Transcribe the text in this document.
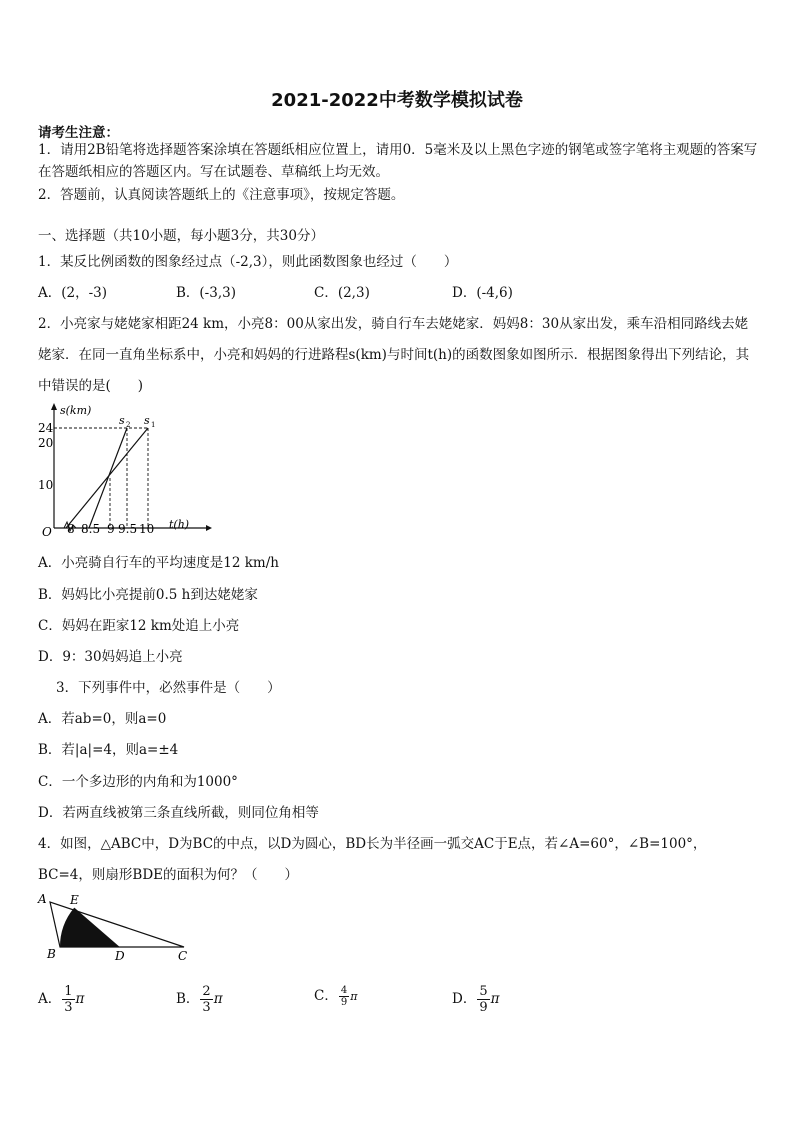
2021-2022中考数学模拟试卷
请考生注意：
1．请用2B铅笔将选择题答案涂填在答题纸相应位置上，请用0．5毫米及以上黑色字迹的钢笔或签字笔将主观题的答案写在答题纸相应的答题区内。写在试题卷、草稿纸上均无效。
2．答题前，认真阅读答题纸上的《注意事项》，按规定答题。
一、选择题（共10小题，每小题3分，共30分）
1．某反比例函数的图象经过点（-2,3），则此函数图象也经过（　　）
A．(2，-3)	B．(-3,3)	C．(2,3)	D．(-4,6)
2．小亮家与姥姥家相距24 km，小亮8：00从家出发，骑自行车去姥姥家．妈妈8：30从家出发，乘车沿相同路线去姥姥家．在同一直角坐标系中，小亮和妈妈的行进路程s(km)与时间t(h)的函数图象如图所示．根据图象得出下列结论，其中错误的是(　　)
s(km)
t(h)
O
24
20
10
8 8.5 9 9.5 10
s 2 s 1
A．小亮骑自行车的平均速度是12 km/h
B．妈妈比小亮提前0.5 h到达姥姥家
C．妈妈在距家12 km处追上小亮
D．9：30妈妈追上小亮
3．下列事件中，必然事件是（　　）
A．若ab=0，则a=0
B．若|a|=4，则a=±4
C．一个多边形的内角和为1000°
D．若两直线被第三条直线所截，则同位角相等
4．如图，△ABC中，D为BC的中点，以D为圆心，BD长为半径画一弧交AC于E点，若∠A=60°，∠B=100°，BC=4，则扇形BDE的面积为何？（　　）
A E
B	D	C
A． $\frac{1}{3}$ π	B． $\frac{2}{3}$ π	C． $\frac{4}{9}$ π	D． $\frac{5}{9}$ π
